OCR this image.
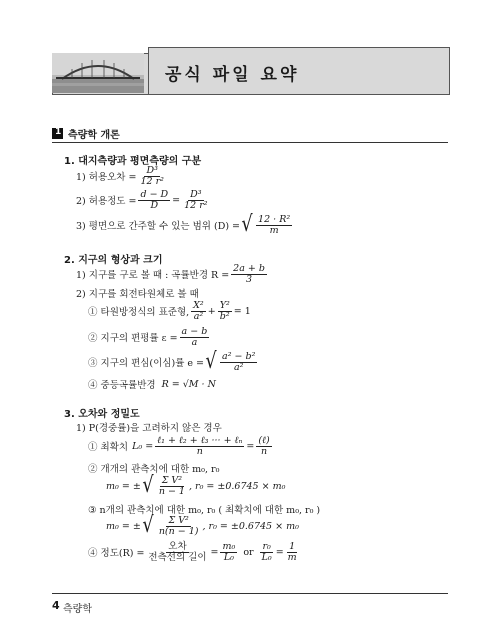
공식 파일 요약
1 측량학 개론
1. 대지측량과 평면측량의 구분
1) 허용오차 = $\frac{\text{D³}}{\text{12 r²}}$
2) 허용정도 = $\frac{d - D}{D} = \frac{\text{D³}}{\text{12 r²}}$
3) 평면으로 간주할 수 있는 범위 (D) = √ $\frac{\text{12 · R²}}{m}$
2. 지구의 형상과 크기
1) 지구를 구로 볼 때 : 곡률반경 $R = \frac{2a + b}{3}$
2) 지구를 회전타원체로 볼 때
① 타원방정식의 표준형, $\frac{\text{X²}}{\text{a²}} + \frac{\text{Y²}}{\text{b²}} = 1$
② 지구의 편평률 $\varepsilon = \frac{a - b}{a}$
③ 지구의 편심(이심)률 e = √ $\frac{\text{a² − b²}}{\text{a²}}$
④ 중등곡률반경 R = √M · N
3. 오차와 정밀도
1) P(경중률)을 고려하지 않은 경우
① 최확치 $L_0 = \frac{\text{ℓ₁ + ℓ₂ + ℓ₃ ··· + ℓₙ}}{n} = \frac{\text{(ℓ)}}{n}$
② 개개의 관측치에 대한 m₀, r₀
m₀ = ± √ $\frac{\text{Σ V²}}{n - 1}$ , r₀ = ±0.6745 × m₀
③ n개의 관측치에 대한 m₀, r₀ ( 최확치에 대한 m₀, r₀ )
m₀ = ± √ $\frac{\text{Σ V²}}{n(n - 1)}$ , r₀ = ±0.6745 × m₀
④ 정도$(R) = \frac{\text{오차}}{\text{전측선의 길이}} = \frac{\text{m₀}}{\text{L₀}}$ or $\frac{\text{r₀}}{\text{L₀}} = \frac{1}{m}$
4 측량학
